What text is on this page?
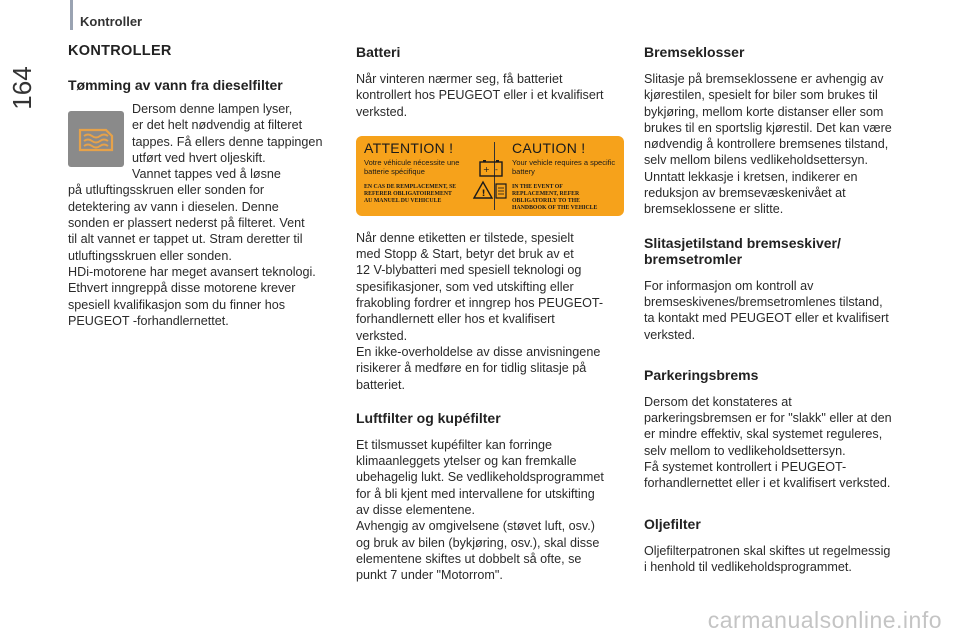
Kontroller
164
KONTROLLER
Tømming av vann fra dieselfilter

Dersom denne lampen lyser,

er det helt nødvendig at filteret

tappes. Få ellers denne tappingen

utført ved hvert oljeskift.

Vannet tappes ved å løsne

på utluftingsskruen eller sonden for

detektering av vann i dieselen. Denne

sonden er plassert nederst på filteret. Vent

til alt vannet er tappet ut. Stram deretter til

utluftingsskruen eller sonden.

HDi-motorene har meget avansert teknologi.

Ethvert inngreppå disse motorene krever

spesiell kvalifikasjon som du finner hos

PEUGEOT -forhandlernettet.

Batteri

Når vinteren nærmer seg, få batteriet

kontrollert hos PEUGEOT eller i et kvalifisert

verksted.

ATTENTION !	CAUTION !
Votre véhicule nécessite une batterie spécifique
Your vehicle requires a specific battery
EN CAS DE REMPLACEMENT, SE REFERER OBLIGATOIREMENT AU MANUEL DU VEHICULE
IN THE EVENT OF REPLACEMENT, REFER OBLIGATORILY TO THE HANDBOOK OF THE VEHICLE
+ -
!

Når denne etiketten er tilstede, spesielt

med Stopp & Start, betyr det bruk av et

12 V-blybatteri med spesiell teknologi og

spesifikasjoner, som ved utskifting eller

frakobling fordrer et inngrep hos PEUGEOT-

forhandlernett eller hos et kvalifisert

verksted.

En ikke-overholdelse av disse anvisningene

risikerer å medføre en for tidlig slitasje på

batteriet.

Luftfilter og kupéfilter

Et tilsmusset kupéfilter kan forringe

klimaanleggets ytelser og kan fremkalle

ubehagelig lukt. Se vedlikeholdsprogrammet

for å bli kjent med intervallene for utskifting

av disse elementene.

Avhengig av omgivelsene (støvet luft, osv.)

og bruk av bilen (bykjøring, osv.), skal disse

elementene skiftes ut dobbelt så ofte, se

punkt 7 under "Motorrom".

Bremseklosser

Slitasje på bremseklossene er avhengig av

kjørestilen, spesielt for biler som brukes til

bykjøring, mellom korte distanser eller som

brukes til en sportslig kjørestil. Det kan være

nødvendig å kontrollere bremsenes tilstand,

selv mellom bilens vedlikeholdsettersyn.

Unntatt lekkasje i kretsen, indikerer en

reduksjon av bremsevæskenivået at

bremseklossene er slitte.

Slitasjetilstand bremseskiver/
bremsetromler

For informasjon om kontroll av

bremseskivenes/bremsetromlenes tilstand,

ta kontakt med PEUGEOT eller et kvalifisert

verksted.

Parkeringsbrems

Dersom det konstateres at

parkeringsbremsen er for "slakk" eller at den

er mindre effektiv, skal systemet reguleres,

selv mellom to vedlikeholdsettersyn.

Få systemet kontrollert i PEUGEOT-

forhandlernettet eller i et kvalifisert verksted.

Oljefilter

Oljefilterpatronen skal skiftes ut regelmessig

i henhold til vedlikeholdsprogrammet.

carmanualsonline.info
